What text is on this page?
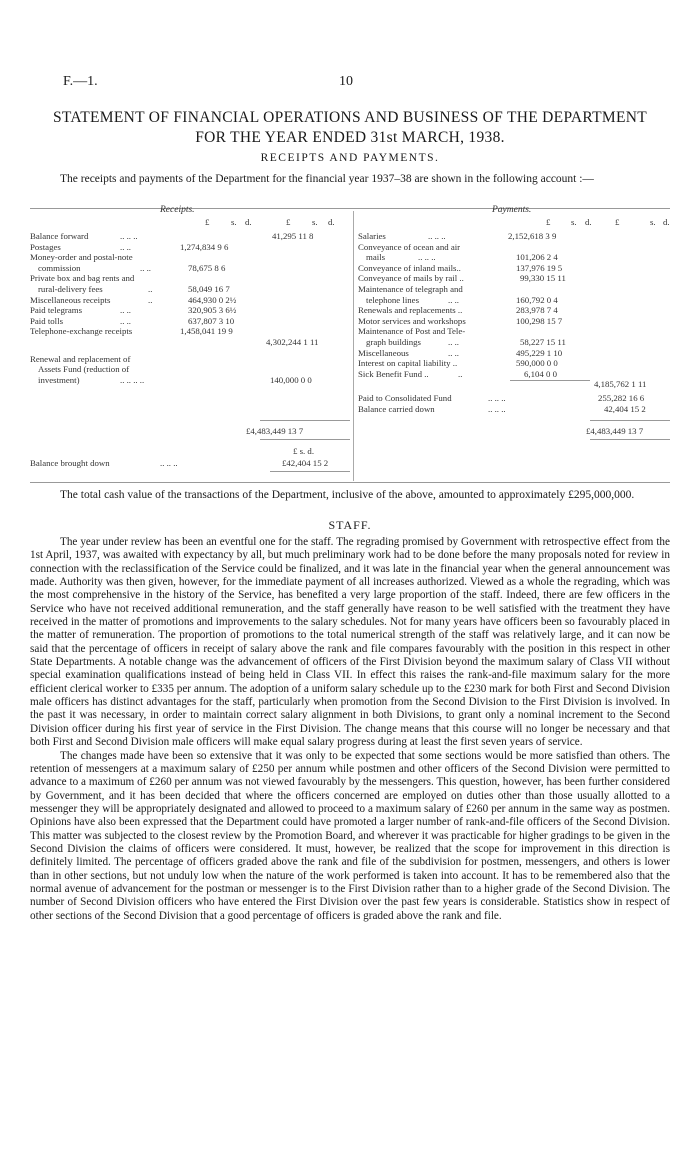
F.—1.	10
STATEMENT OF FINANCIAL OPERATIONS AND BUSINESS OF THE DEPARTMENT
FOR THE YEAR ENDED 31st MARCH, 1938.
RECEIPTS AND PAYMENTS.
The receipts and payments of the Department for the financial year 1937–38 are shown in the following account :—
Receipts.	Payments.
£ s. d.	£ s. d.	£ s. d.	£	s. d.
Balance forward	.. .. ..	41,295 11 8
Postages	.. ..	1,274,834 9 6
Money-order and postal-note
commission	.. ..	78,675 8 6
Private box and bag rents and
rural-delivery fees	..	58,049 16 7
Miscellaneous receipts	..	464,930 0 2½
Paid telegrams	.. ..	320,905 3 6½
Paid tolls	.. ..	637,807 3 10
Telephone-exchange receipts	1,458,041 19 9
4,302,244 1 11
Renewal and replacement of
Assets Fund (reduction of
investment)	.. .. .. ..	140,000 0 0
£4,483,449 13 7
£ s. d.
Balance brought down	.. .. ..	£42,404 15 2
Salaries	.. .. ..	2,152,618 3 9
Conveyance of ocean and air
mails	.. .. ..	101,206 2 4
Conveyance of inland mails..	137,976 19 5
Conveyance of mails by rail ..	99,330 15 11
Maintenance of telegraph and
telephone lines	.. ..	160,792 0 4
Renewals and replacements ..	283,978 7 4
Motor services and workshops	100,298 15 7
Maintenance of Post and Tele-
graph buildings	.. ..	58,227 15 11
Miscellaneous	.. ..	495,229 1 10
Interest on capital liability ..	590,000 0 0
Sick Benefit Fund ..	..	6,104 0 0
4,185,762 1 11
Paid to Consolidated Fund	.. .. ..	255,282 16 6
Balance carried down	.. .. ..	42,404 15 2
£4,483,449 13 7

The total cash value of the transactions of the Department, inclusive of the above, amounted to approximately £295,000,000.

STAFF.

The year under review has been an eventful one for the staff. The regrading promised by Government with retrospective effect from the 1st April, 1937, was awaited with expectancy by all, but much preliminary work had to be done before the many proposals noted for review in connection with the reclassification of the Service could be finalized, and it was late in the financial year when the general announcement was made. Authority was then given, however, for the immediate payment of all increases authorized. Viewed as a whole the regrading, which was the most comprehensive in the history of the Service, has benefited a very large proportion of the staff. Indeed, there are few officers in the Service who have not received additional remuneration, and the staff generally have reason to be well satisfied with the treatment they have received in the matter of promotions and improvements to the salary schedules. Not for many years have officers been so favourably placed in the matter of remuneration. The proportion of promotions to the total numerical strength of the staff was relatively large, and it can now be said that the percentage of officers in receipt of salary above the rank and file compares favourably with the position in this respect in other State Departments. A notable change was the advancement of officers of the First Division beyond the maximum salary of Class VII without special examination qualifications instead of being held in Class VII. In effect this raises the rank-and-file maximum salary for the more efficient clerical worker to £335 per annum. The adoption of a uniform salary schedule up to the £230 mark for both First and Second Division male officers has distinct advantages for the staff, particularly when promotion from the Second Division to the First Division is involved. In the past it was necessary, in order to maintain correct salary alignment in both Divisions, to grant only a nominal increment to the Second Division officer during his first year of service in the First Division. The change means that this course will no longer be necessary and that both First and Second Division male officers will make equal salary progress during at least the first seven years of service.

The changes made have been so extensive that it was only to be expected that some sections would be more satisfied than others. The retention of messengers at a maximum salary of £250 per annum while postmen and other officers of the Second Division were permitted to advance to a maximum of £260 per annum was not viewed favourably by the messengers. This question, however, has been further considered by Government, and it has been decided that where the officers concerned are employed on duties other than those usually allotted to a messenger they will be appropriately designated and allowed to proceed to a maximum salary of £260 per annum in the same way as postmen. Opinions have also been expressed that the Department could have promoted a larger number of rank-and-file officers of the Second Division. This matter was subjected to the closest review by the Promotion Board, and wherever it was practicable for higher gradings to be given in the Second Division the claims of officers were considered. It must, however, be realized that the scope for improvement in this direction is definitely limited. The percentage of officers graded above the rank and file of the subdivision for postmen, messengers, and others is lower than in other sections, but not unduly low when the nature of the work performed is taken into account. It has to be remembered also that the normal avenue of advancement for the postman or messenger is to the First Division rather than to a higher grade of the Second Division. The number of Second Division officers who have entered the First Division over the past few years is considerable. Statistics show in respect of other sections of the Second Division that a good percentage of officers is graded above the rank and file.
